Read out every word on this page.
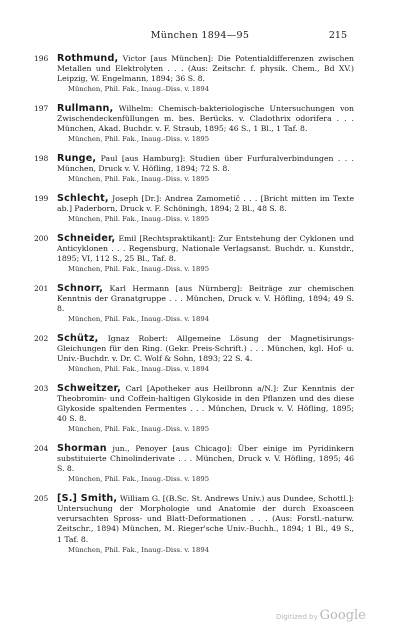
München 1894—95	215
196 Rothmund, Victor [aus München]: Die Potentialdifferenzen zwischen Metallen und Elektrolyten . . . (Aus: Zeitschr. f. physik. Chem., Bd XV.) Leipzig, W. Engelmann, 1894; 36 S. 8.
München, Phil. Fak., Inaug.-Diss. v. 1894
197 Rullmann, Wilhelm: Chemisch-bakteriologische Untersuchungen von Zwischendeckenfüllungen m. bes. Berücks. v. Cladothrix odorifera . . . München, Akad. Buchdr. v. F. Straub, 1895; 46 S., 1 Bl., 1 Taf. 8.
München, Phil. Fak., Inaug.-Diss. v. 1895
198 Runge, Paul [aus Hamburg]: Studien über Furfuralverbindungen . . . München, Druck v. V. Höfling, 1894; 72 S. 8.
München, Phil. Fak., Inaug.-Diss. v. 1895
199 Schlecht, Joseph [Dr.]: Andrea Zamometič . . . [Bricht mitten im Texte ab.] Paderborn, Druck v. F. Schöningh, 1894; 2 Bl., 48 S. 8.
München, Phil. Fak., Inaug.-Diss. v. 1895
200 Schneider, Emil [Rechtspraktikant]: Zur Entstehung der Cyklonen und Anticyklonen . . . Regensburg, Nationale Verlagsanst. Buchdr. u. Kunstdr., 1895; VI, 112 S., 25 Bl., Taf. 8.
München, Phil. Fak., Inaug.-Diss. v. 1895
201 Schnorr, Karl Hermann [aus Nürnberg]: Beiträge zur chemischen Kenntnis der Granatgruppe . . . München, Druck v. V. Höfling, 1894; 49 S. 8.
München, Phil. Fak., Inaug.-Diss. v. 1894
202 Schütz, Ignaz Robert: Allgemeine Lösung der Magnetisirungs-Gleichungen für den Ring. (Gekr. Preis-Schrift.) . . . München, kgl. Hof- u. Univ.-Buchdr. v. Dr. C. Wolf & Sohn, 1893; 22 S. 4.
München, Phil. Fak., Inaug.-Diss. v. 1894
203 Schweitzer, Carl [Apotheker aus Heilbronn a/N.]: Zur Kenntnis der Theobromin- und Coffein-haltigen Glykoside in den Pflanzen und des diese Glykoside spaltenden Fermentes . . . München, Druck v. V. Höfling, 1895; 40 S. 8.
München, Phil. Fak., Inaug.-Diss. v. 1895
204 Shorman jun., Penoyer [aus Chicago]: Über einige im Pyridinkern substituierte Chinolinderivate . . . München, Druck v. V. Höfling, 1895; 46 S. 8.
München, Phil. Fak., Inaug.-Diss. v. 1895
205 [S.] Smith, William G. [(B.Sc. St. Andrews Univ.) aus Dundee, Schottl.]: Untersuchung der Morphologie und Anatomie der durch Exoasceen verursachten Spross- und Blatt-Deformationen . . . (Aus: Forstl.-naturw. Zeitschr., 1894) München, M. Rieger'sche Univ.-Buchh., 1894; 1 Bl., 49 S., 1 Taf. 8.
München, Phil. Fak., Inaug.-Diss. v. 1894
Digitized by Google
